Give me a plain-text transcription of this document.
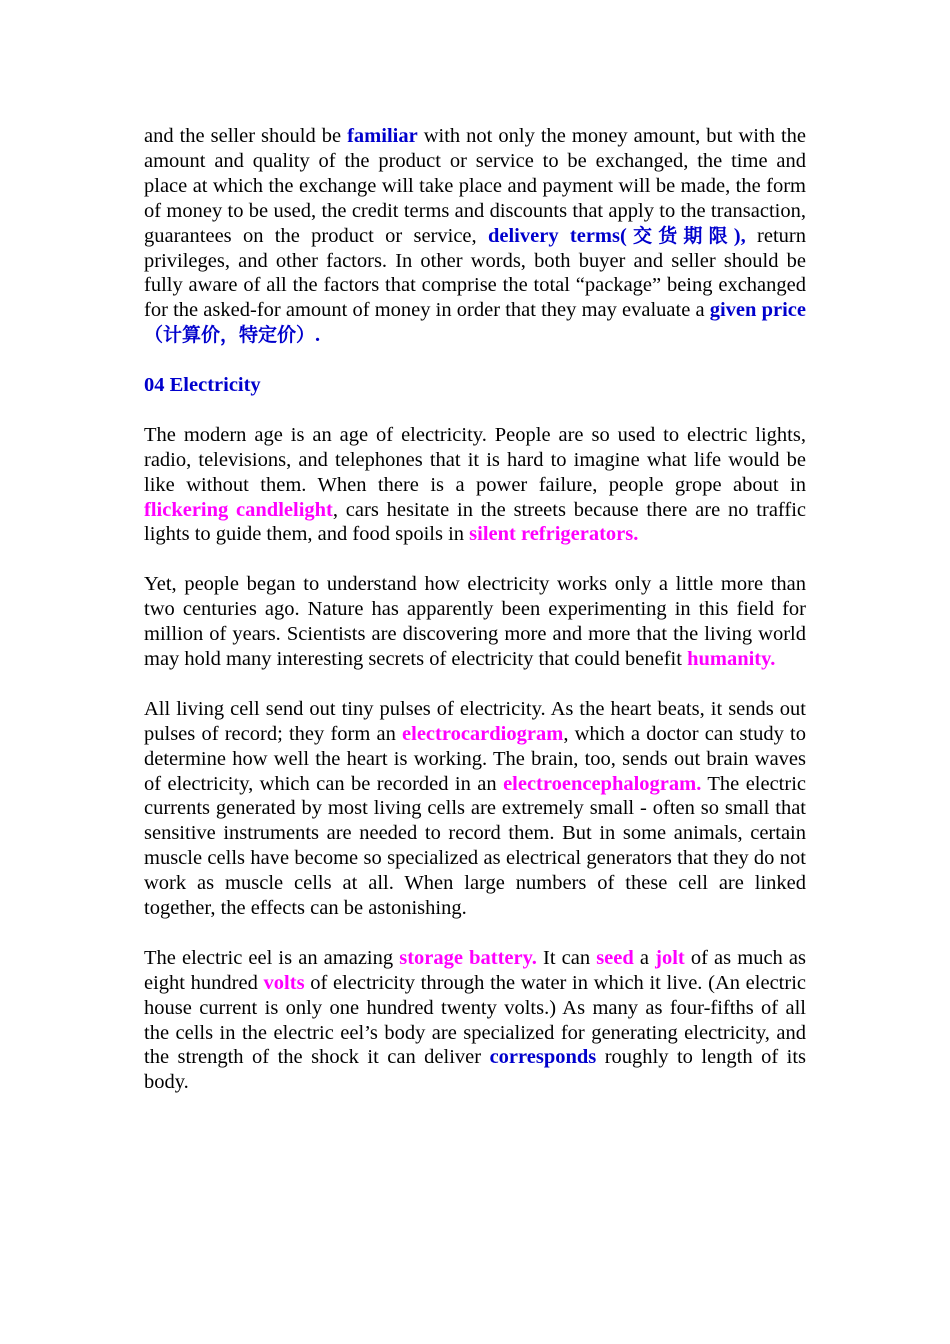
and the seller should be familiar with not only the money amount, but with the amount and quality of the product or service to be exchanged, the time and place at which the exchange will take place and payment will be made, the form of money to be used, the credit terms and discounts that apply to the transaction, guarantees on the product or service, delivery terms(交货期限), return privileges, and other factors. In other words, both buyer and seller should be fully aware of all the factors that comprise the total “package” being exchanged for the asked-for amount of money in order that they may evaluate a given price（计算价，特定价）.

04 Electricity

The modern age is an age of electricity. People are so used to electric lights, radio, televisions, and telephones that it is hard to imagine what life would be like without them. When there is a power failure, people grope about in flickering candlelight, cars hesitate in the streets because there are no traffic lights to guide them, and food spoils in silent refrigerators.

Yet, people began to understand how electricity works only a little more than two centuries ago. Nature has apparently been experimenting in this field for million of years. Scientists are discovering more and more that the living world may hold many interesting secrets of electricity that could benefit humanity.

All living cell send out tiny pulses of electricity. As the heart beats, it sends out pulses of record; they form an electrocardiogram, which a doctor can study to determine how well the heart is working. The brain, too, sends out brain waves of electricity, which can be recorded in an electroencephalogram. The electric currents generated by most living cells are extremely small - often so small that sensitive instruments are needed to record them. But in some animals, certain muscle cells have become so specialized as electrical generators that they do not work as muscle cells at all. When large numbers of these cell are linked together, the effects can be astonishing.

The electric eel is an amazing storage battery. It can seed a jolt of as much as eight hundred volts of electricity through the water in which it live. (An electric house current is only one hundred twenty volts.) As many as four-fifths of all the cells in the electric eel’s body are specialized for generating electricity, and the strength of the shock it can deliver corresponds roughly to length of its body.
